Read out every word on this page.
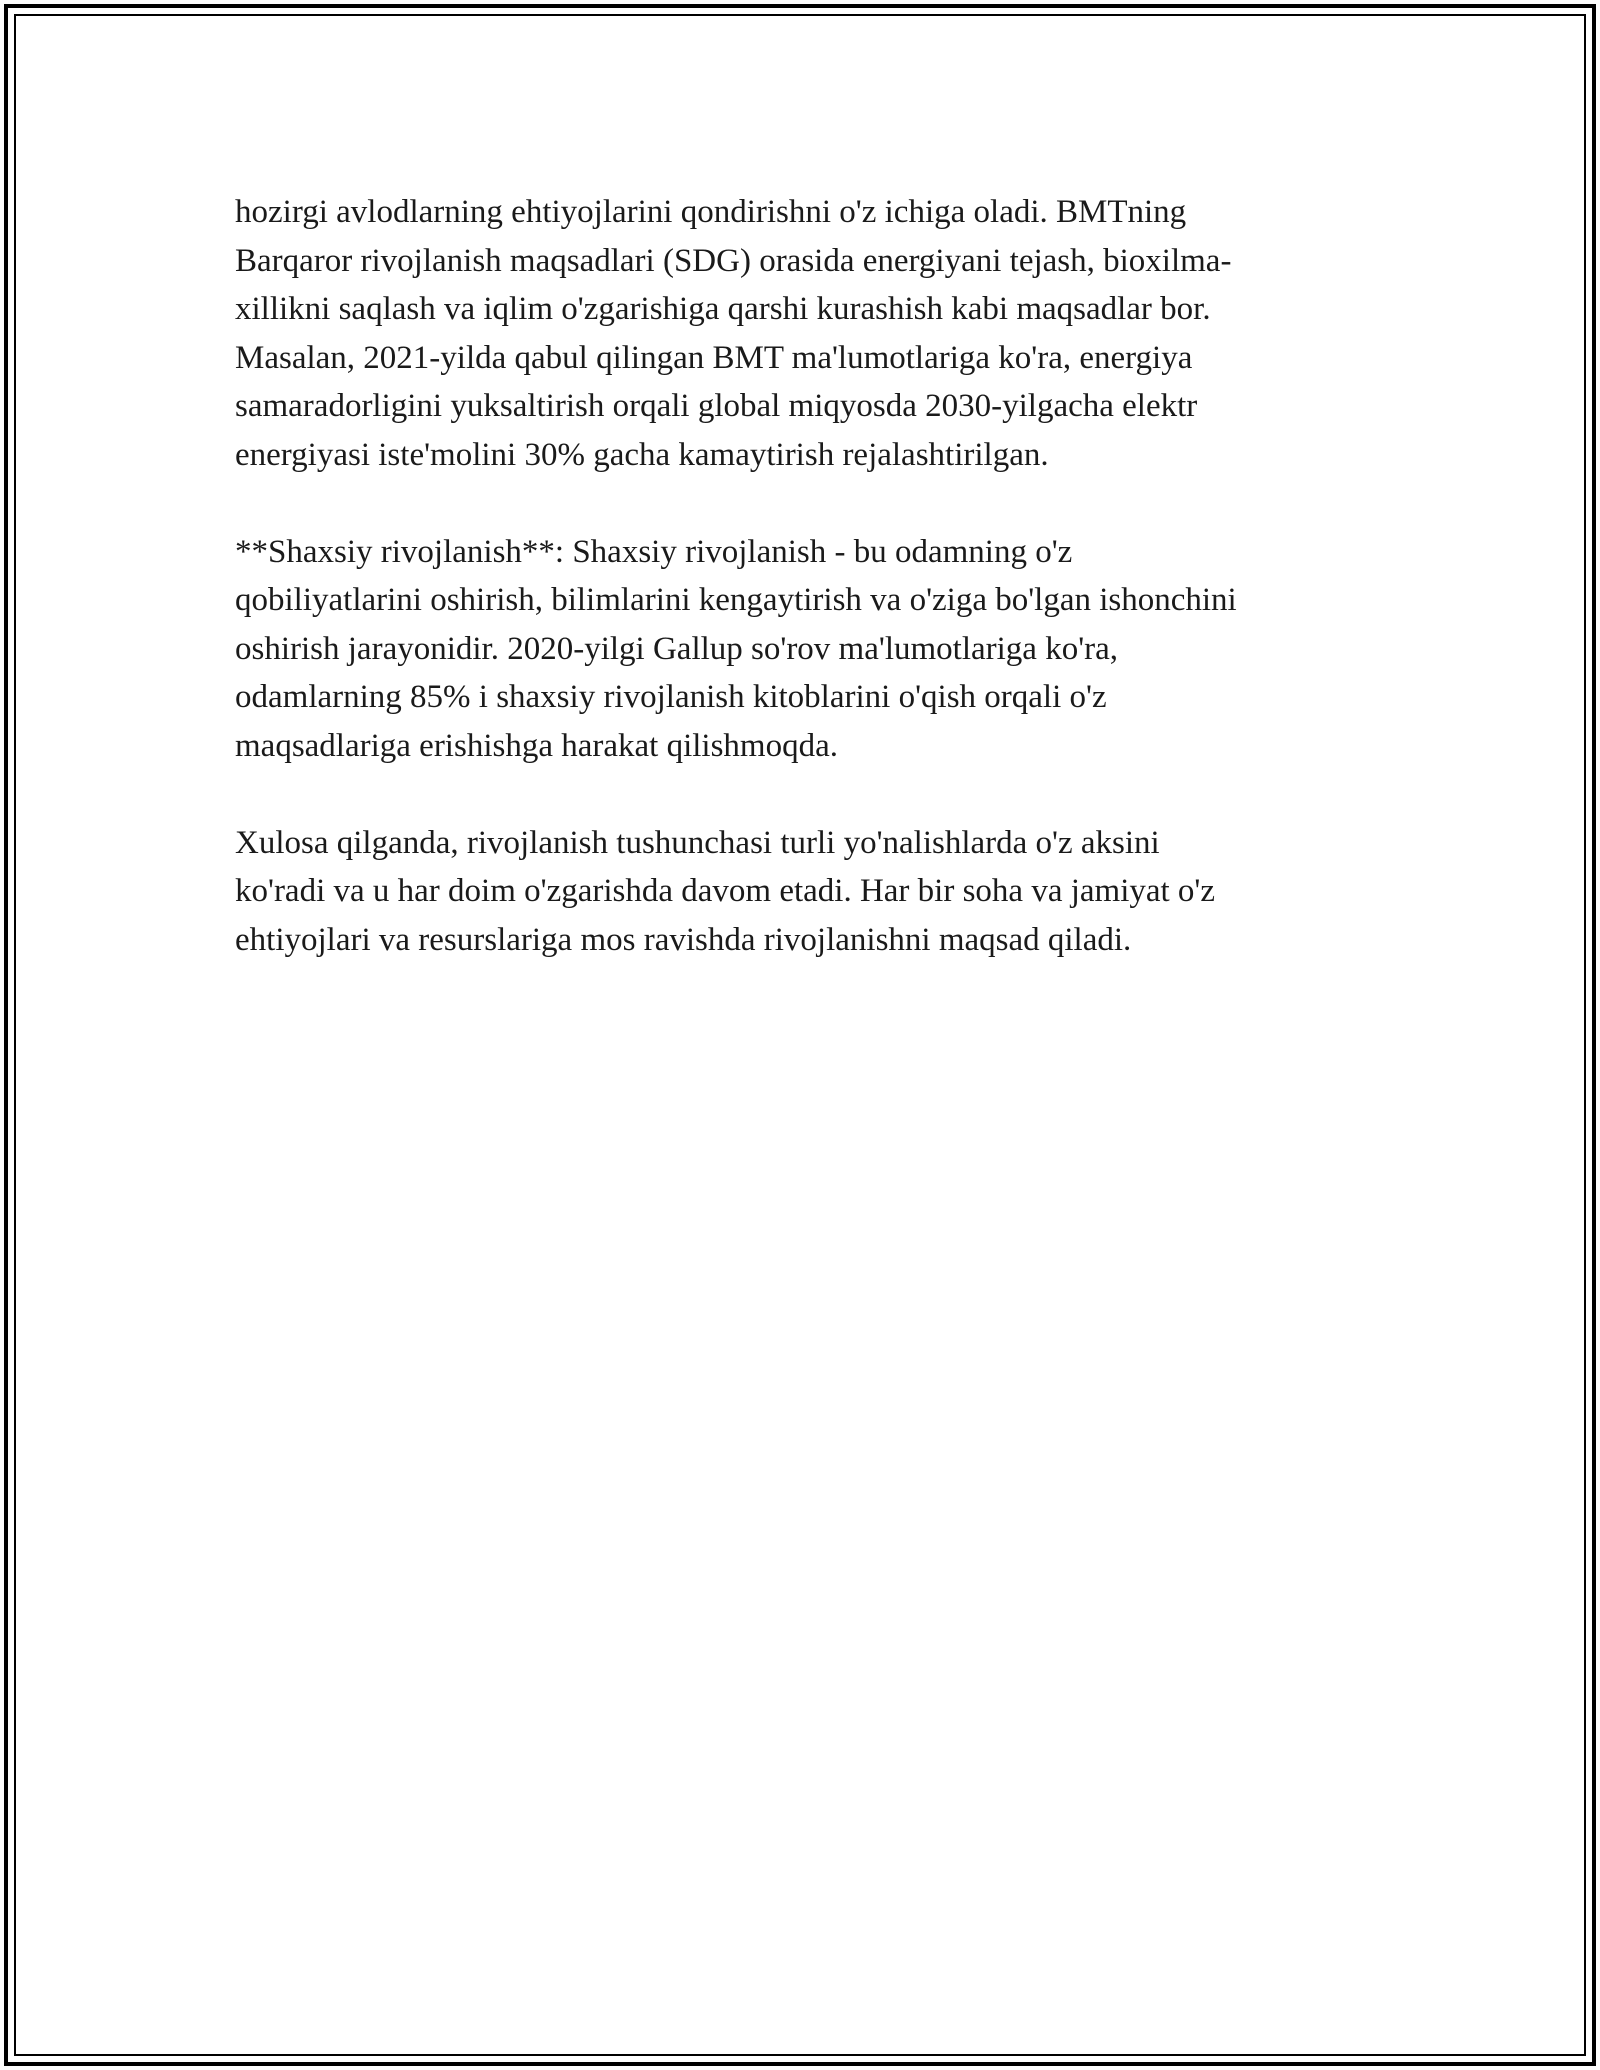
hozirgi avlodlarning ehtiyojlarini qondirishni o'z ichiga oladi. BMTning
Barqaror rivojlanish maqsadlari (SDG) orasida energiyani tejash, bioxilma-
xillikni saqlash va iqlim o'zgarishiga qarshi kurashish kabi maqsadlar bor.
Masalan, 2021-yilda qabul qilingan BMT ma'lumotlariga ko'ra, energiya
samaradorligini yuksaltirish orqali global miqyosda 2030-yilgacha elektr
energiyasi iste'molini 30% gacha kamaytirish rejalashtirilgan.

**Shaxsiy rivojlanish**: Shaxsiy rivojlanish - bu odamning o'z
qobiliyatlarini oshirish, bilimlarini kengaytirish va o'ziga bo'lgan ishonchini
oshirish jarayonidir. 2020-yilgi Gallup so'rov ma'lumotlariga ko'ra,
odamlarning 85% i shaxsiy rivojlanish kitoblarini o'qish orqali o'z
maqsadlariga erishishga harakat qilishmoqda.

Xulosa qilganda, rivojlanish tushunchasi turli yo'nalishlarda o'z aksini
ko'radi va u har doim o'zgarishda davom etadi. Har bir soha va jamiyat o'z
ehtiyojlari va resurslariga mos ravishda rivojlanishni maqsad qiladi.
